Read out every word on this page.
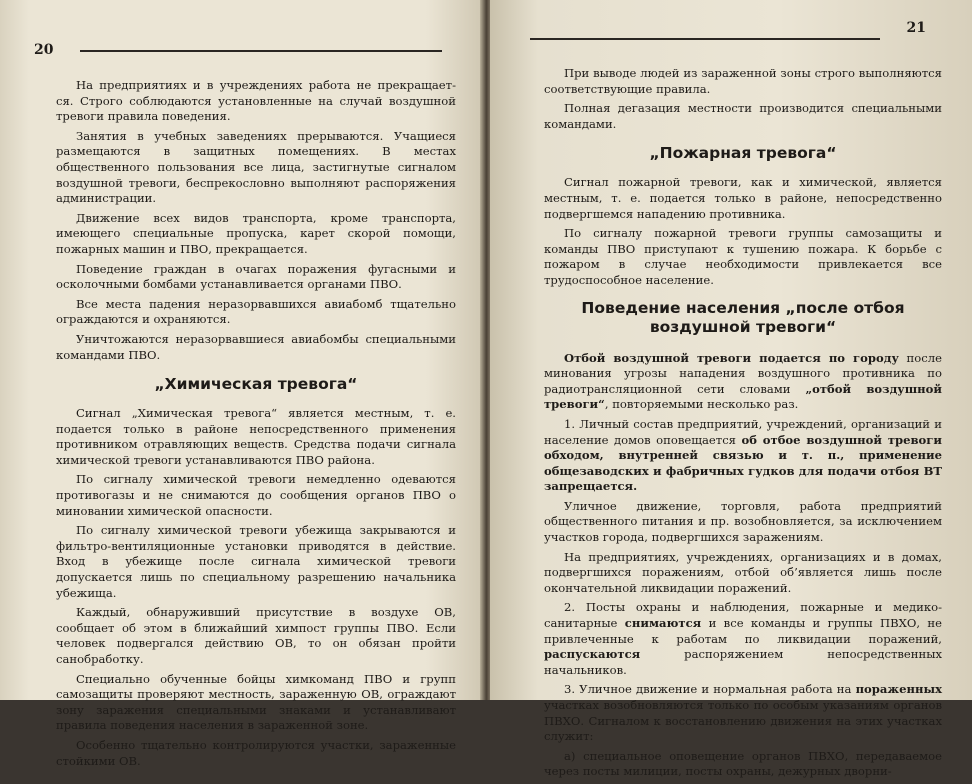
20

На предприятиях и в учреждениях работа не прекращает- ся. Строго соблюдаются установленные на случай воздушной тревоги правила поведения.

Занятия в учебных заведениях прерываются. Учащиеся размещаются в защитных помещениях. В местах общественного пользования все лица, застигнутые сигналом воздушной тревоги, беспрекословно выполняют распоряжения администрации.

Движение всех видов транспорта, кроме транспорта, имеющего специальные пропуска, карет скорой помощи, пожарных машин и ПВО, прекращается.

Поведение граждан в очагах поражения фугасными и осколочными бомбами устанавливается органами ПВО.

Все места падения неразорвавшихся авиабомб тщательно ограждаются и охраняются.

Уничтожаются неразорвавшиеся авиабомбы специальными командами ПВО.

„Химическая тревога“

Сигнал „Химическая тревога“ является местным, т. е. подается только в районе непосредственного применения противником отравляющих веществ. Средства подачи сигнала химической тревоги устанавливаются ПВО района.

По сигналу химической тревоги немедленно одеваются противогазы и не снимаются до сообщения органов ПВО о миновании химической опасности.

По сигналу химической тревоги убежища закрываются и фильтро-вентиляционные установки приводятся в действие. Вход в убежище после сигнала химической тревоги допускается лишь по специальному разрешению начальника убежища.

Каждый, обнаруживший присутствие в воздухе ОВ, сообщает об этом в ближайший химпост группы ПВО. Если человек подвергался действию ОВ, то он обязан пройти санобработку.

Специально обученные бойцы химкоманд ПВО и групп самозащиты проверяют местность, зараженную ОВ, ограждают зону заражения специальными знаками и устанавливают правила поведения населения в зараженной зоне.

Особенно тщательно контролируются участки, зараженные стойкими ОВ.

21

При выводе людей из зараженной зоны строго выполняются соответствующие правила.

Полная дегазация местности производится специальными командами.

„Пожарная тревога“

Сигнал пожарной тревоги, как и химической, является местным, т. е. подается только в районе, непосредственно подвергшемся нападению противника.

По сигналу пожарной тревоги группы самозащиты и команды ПВО приступают к тушению пожара. К борьбе с пожаром в случае необходимости привлекается все трудоспособное население.

Поведение населения „после отбоя воздушной тревоги“

Отбой воздушной тревоги подается по городу после минования угрозы нападения воздушного противника по радиотрансляционной сети словами „отбой воздушной тревоги“, повторяемыми несколько раз.

1. Личный состав предприятий, учреждений, организаций и население домов оповещается об отбое воздушной тревоги обходом, внутренней связью и т. п., применение общезаводских и фабричных гудков для подачи отбоя ВТ запрещается.

Уличное движение, торговля, работа предприятий общественного питания и пр. возобновляется, за исключением участков города, подвергшихся заражениям.

На предприятиях, учреждениях, организациях и в домах, подвергшихся поражениям, отбой об’является лишь после окончательной ликвидации поражений.

2. Посты охраны и наблюдения, пожарные и медико-санитарные снимаются и все команды и группы ПВХО, не привлеченные к работам по ликвидации поражений, распускаются распоряжением непосредственных начальников.

3. Уличное движение и нормальная работа на пораженных участках возобновляются только по особым указаниям органов ПВХО. Сигналом к восстановлению движения на этих участках служит:

а) специальное оповещение органов ПВХО, передаваемое через посты милиции, посты охраны, дежурных дворни-
